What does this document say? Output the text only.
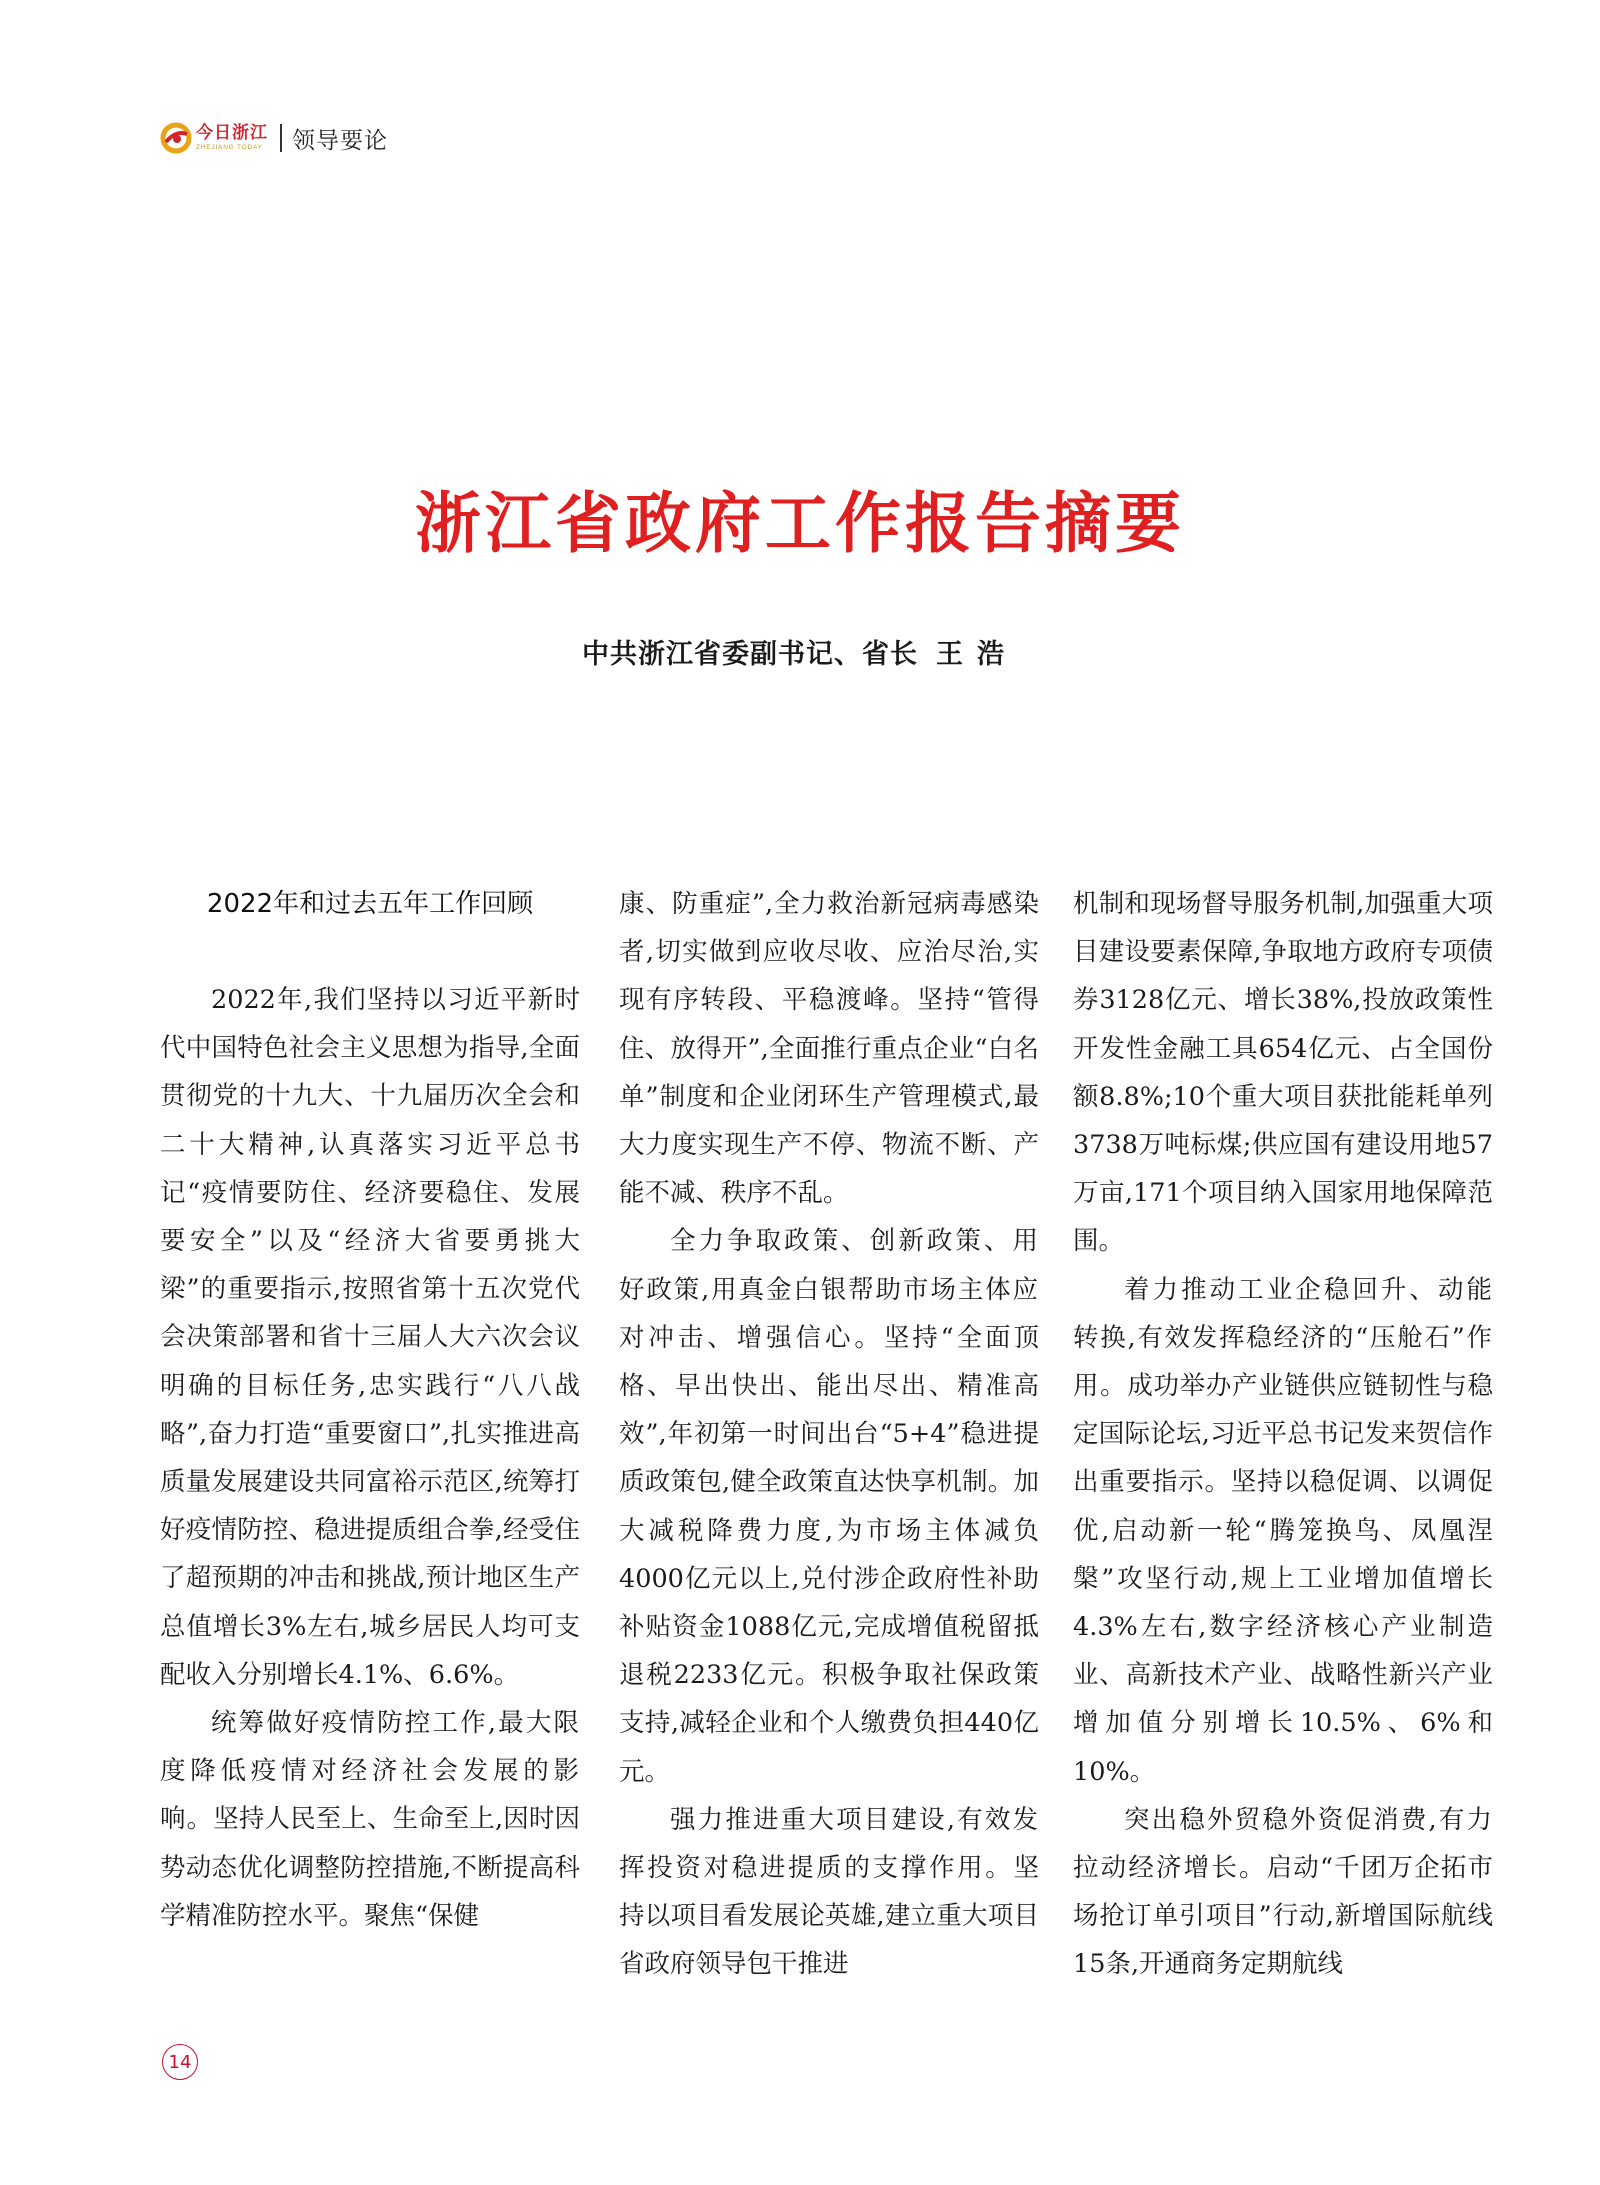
今日浙江
ZHEJIANG TODAY 领导要论
浙江省政府工作报告摘要
中共浙江省委副书记、省长 王浩
2022年和过去五年工作回顾

2022年,我们坚持以习近平新时代中国特色社会主义思想为指导,全面贯彻党的十九大、十九届历次全会和二十大精神,认真落实习近平总书记“疫情要防住、经济要稳住、发展要安全”以及“经济大省要勇挑大梁”的重要指示,按照省第十五次党代会决策部署和省十三届人大六次会议明确的目标任务,忠实践行“八八战略”,奋力打造“重要窗口”,扎实推进高质量发展建设共同富裕示范区,统筹打好疫情防控、稳进提质组合拳,经受住了超预期的冲击和挑战,预计地区生产总值增长3%左右,城乡居民人均可支配收入分别增长4.1%、6.6%。

统筹做好疫情防控工作,最大限度降低疫情对经济社会发展的影响。坚持人民至上、生命至上,因时因势动态优化调整防控措施,不断提高科学精准防控水平。聚焦“保健

康、防重症”,全力救治新冠病毒感染者,切实做到应收尽收、应治尽治,实现有序转段、平稳渡峰。坚持“管得住、放得开”,全面推行重点企业“白名单”制度和企业闭环生产管理模式,最大力度实现生产不停、物流不断、产能不减、秩序不乱。

全力争取政策、创新政策、用好政策,用真金白银帮助市场主体应对冲击、增强信心。坚持“全面顶格、早出快出、能出尽出、精准高效”,年初第一时间出台“5+4”稳进提质政策包,健全政策直达快享机制。加大减税降费力度,为市场主体减负4000亿元以上,兑付涉企政府性补助补贴资金1088亿元,完成增值税留抵退税2233亿元。积极争取社保政策支持,减轻企业和个人缴费负担440亿元。

强力推进重大项目建设,有效发挥投资对稳进提质的支撑作用。坚持以项目看发展论英雄,建立重大项目省政府领导包干推进

机制和现场督导服务机制,加强重大项目建设要素保障,争取地方政府专项债券3128亿元、增长38%,投放政策性开发性金融工具654亿元、占全国份额8.8%;10个重大项目获批能耗单列3738万吨标煤;供应国有建设用地57万亩,171个项目纳入国家用地保障范围。

着力推动工业企稳回升、动能转换,有效发挥稳经济的“压舱石”作用。成功举办产业链供应链韧性与稳定国际论坛,习近平总书记发来贺信作出重要指示。坚持以稳促调、以调促优,启动新一轮“腾笼换鸟、凤凰涅槃”攻坚行动,规上工业增加值增长4.3%左右,数字经济核心产业制造业、高新技术产业、战略性新兴产业增加值分别增长10.5%、6%和10%。

突出稳外贸稳外资促消费,有力拉动经济增长。启动“千团万企拓市场抢订单引项目”行动,新增国际航线15条,开通商务定期航线

14
